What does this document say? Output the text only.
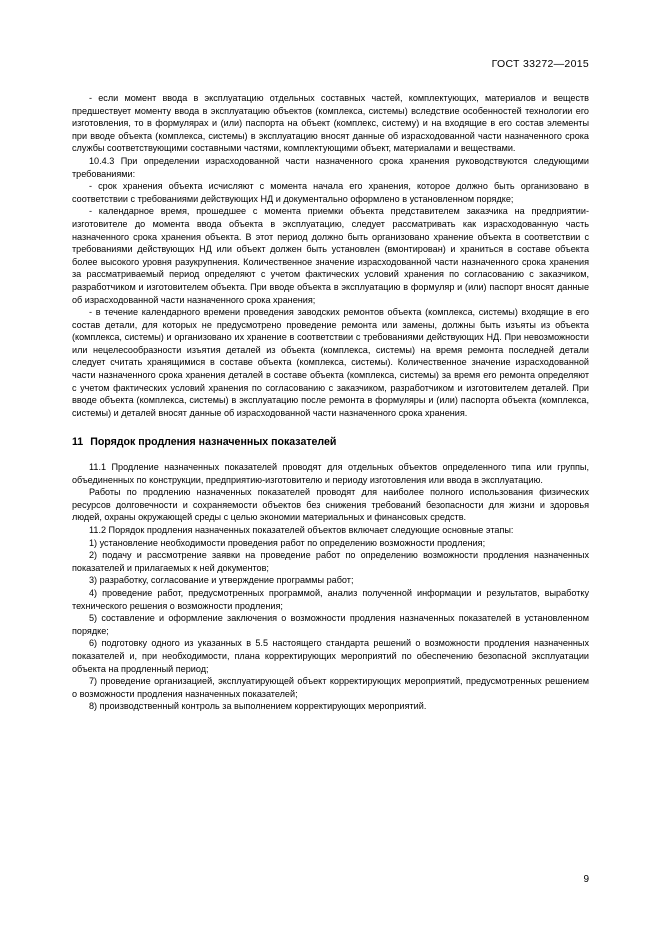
ГОСТ 33272—2015

- если момент ввода в эксплуатацию отдельных составных частей, комплектующих, материалов и веществ предшествует моменту ввода в эксплуатацию объектов (комплекса, системы) вследствие особенностей технологии его изготовления, то в формулярах и (или) паспорта на объект (комплекс, систему) и на входящие в его состав элементы при вводе объекта (комплекса, системы) в эксплуатацию вносят данные об израсходованной части назначенного срока службы соответствующими составными частями, комплектующими объект, материалами и веществами.

10.4.3 При определении израсходованной части назначенного срока хранения руководствуются следующими требованиями:

- срок хранения объекта исчисляют с момента начала его хранения, которое должно быть организовано в соответствии с требованиями действующих НД и документально оформлено в установленном порядке;

- календарное время, прошедшее с момента приемки объекта представителем заказчика на предприятии-изготовителе до момента ввода объекта в эксплуатацию, следует рассматривать как израсходованную часть назначенного срока хранения объекта. В этот период должно быть организовано хранение объекта в соответствии с требованиями действующих НД или объект должен быть установлен (вмонтирован) и храниться в составе объекта более высокого уровня разукрупнения. Количественное значение израсходованной части назначенного срока хранения за рассматриваемый период определяют с учетом фактических условий хранения по согласованию с заказчиком, разработчиком и изготовителем объекта. При вводе объекта в эксплуатацию в формуляр и (или) паспорт вносят данные об израсходованной части назначенного срока хранения;

- в течение календарного времени проведения заводских ремонтов объекта (комплекса, системы) входящие в его состав детали, для которых не предусмотрено проведение ремонта или замены, должны быть изъяты из объекта (комплекса, системы) и организовано их хранение в соответствии с требованиями действующих НД. При невозможности или нецелесообразности изъятия деталей из объекта (комплекса, системы) на время ремонта последней детали следует считать хранящимися в составе объекта (комплекса, системы). Количественное значение израсходованной части назначенного срока хранения деталей в составе объекта (комплекса, системы) за время его ремонта определяют с учетом фактических условий хранения по согласованию с заказчиком, разработчиком и изготовителем деталей. При вводе объекта (комплекса, системы) в эксплуатацию после ремонта в формуляры и (или) паспорта объекта (комплекса, системы) и деталей вносят данные об израсходованной части назначенного срока хранения.

11 Порядок продления назначенных показателей

11.1 Продление назначенных показателей проводят для отдельных объектов определенного типа или группы, объединенных по конструкции, предприятию-изготовителю и периоду изготовления или ввода в эксплуатацию.

Работы по продлению назначенных показателей проводят для наиболее полного использования физических ресурсов долговечности и сохраняемости объектов без снижения требований безопасности для жизни и здоровья людей, охраны окружающей среды с целью экономии материальных и финансовых средств.

11.2 Порядок продления назначенных показателей объектов включает следующие основные этапы:

1) установление необходимости проведения работ по определению возможности продления;

2) подачу и рассмотрение заявки на проведение работ по определению возможности продления назначенных показателей и прилагаемых к ней документов;

3) разработку, согласование и утверждение программы работ;

4) проведение работ, предусмотренных программой, анализ полученной информации и результатов, выработку технического решения о возможности продления;

5) составление и оформление заключения о возможности продления назначенных показателей в установленном порядке;

6) подготовку одного из указанных в 5.5 настоящего стандарта решений о возможности продления назначенных показателей и, при необходимости, плана корректирующих мероприятий по обеспечению безопасной эксплуатации объекта на продленный период;

7) проведение организацией, эксплуатирующей объект корректирующих мероприятий, предусмотренных решением о возможности продления назначенных показателей;

8) производственный контроль за выполнением корректирующих мероприятий.

9
